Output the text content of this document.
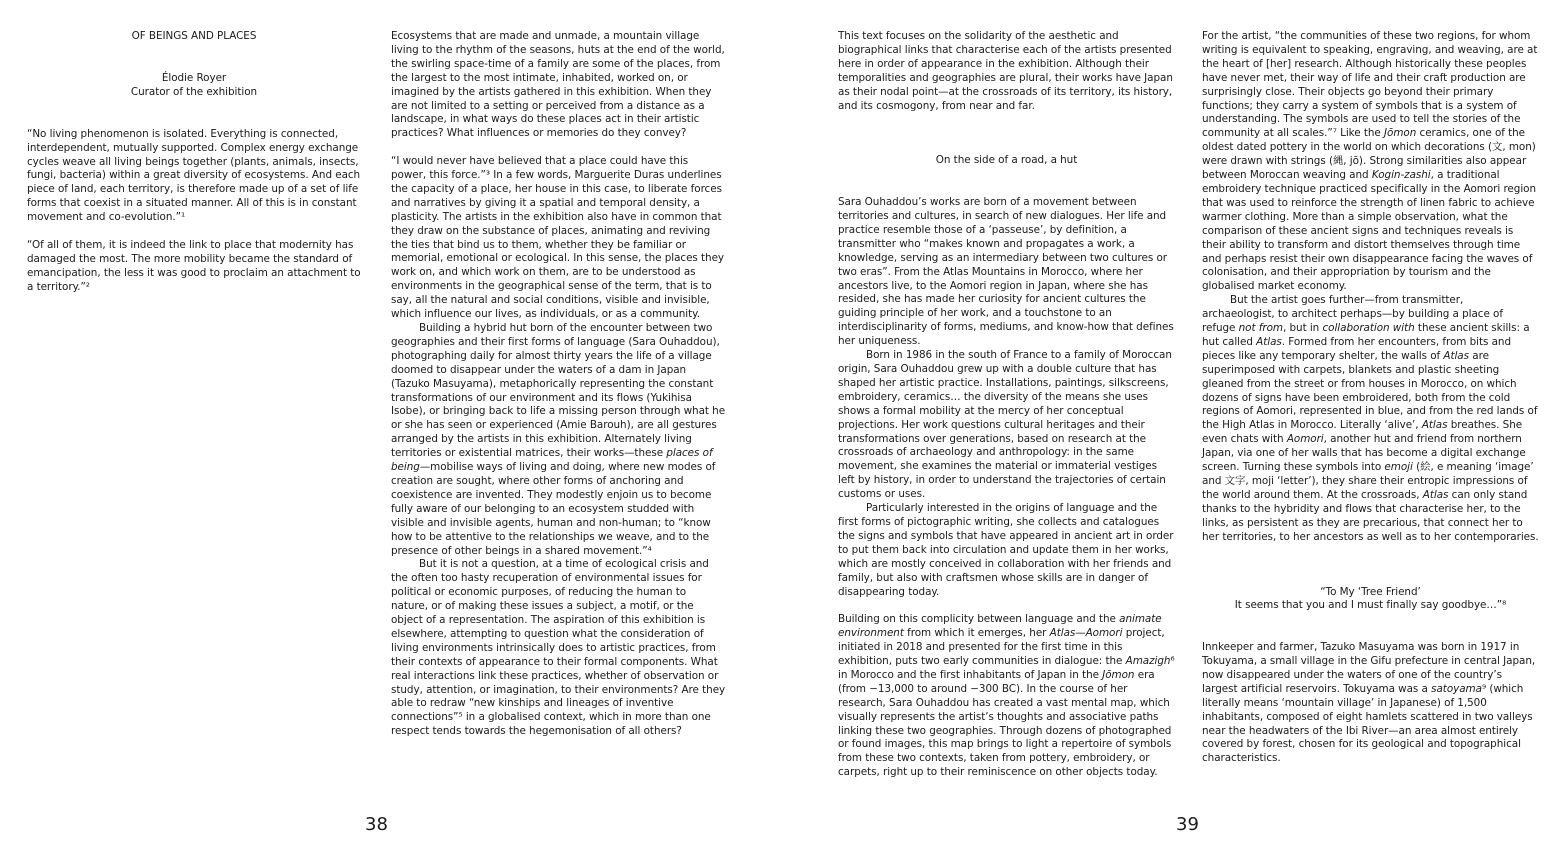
OF BEINGS AND PLACES
Élodie Royer
Curator of the exhibition

“No living phenomenon is isolated. Everything is connected, interdependent, mutually supported. Complex energy exchange cycles weave all living beings together (plants, animals, insects, fungi, bacteria) within a great diversity of ecosystems. And each piece of land, each territory, is therefore made up of a set of life forms that coexist in a situated manner. All of this is in constant movement and co-evolution.”¹

“Of all of them, it is indeed the link to place that modernity has damaged the most. The more mobility became the standard of emancipation, the less it was good to proclaim an attachment to a territory.”²

Ecosystems that are made and unmade, a mountain village living to the rhythm of the seasons, huts at the end of the world, the swirling space-time of a family are some of the places, from the largest to the most intimate, inhabited, worked on, or imagined by the artists gathered in this exhibition. When they are not limited to a setting or perceived from a distance as a landscape, in what ways do these places act in their artistic practices? What influences or memories do they convey?

“I would never have believed that a place could have this power, this force.”³ In a few words, Marguerite Duras underlines the capacity of a place, her house in this case, to liberate forces and narratives by giving it a spatial and temporal density, a plasticity. The artists in the exhibition also have in common that they draw on the substance of places, animating and reviving the ties that bind us to them, whether they be familiar or memorial, emotional or ecological. In this sense, the places they work on, and which work on them, are to be understood as environments in the geographical sense of the term, that is to say, all the natural and social conditions, visible and invisible, which influence our lives, as individuals, or as a community.

Building a hybrid hut born of the encounter between two geographies and their first forms of language (Sara Ouhaddou), photographing daily for almost thirty years the life of a village doomed to disappear under the waters of a dam in Japan (Tazuko Masuyama), metaphorically representing the constant transformations of our environment and its flows (Yukihisa Isobe), or bringing back to life a missing person through what he or she has seen or experienced (Amie Barouh), are all gestures arranged by the artists in this exhibition. Alternately living territories or existential matrices, their works—these places of being—mobilise ways of living and doing, where new modes of creation are sought, where other forms of anchoring and coexistence are invented. They modestly enjoin us to become fully aware of our belonging to an ecosystem studded with visible and invisible agents, human and non-human; to “know how to be attentive to the relationships we weave, and to the presence of other beings in a shared movement.”⁴

But it is not a question, at a time of ecological crisis and the often too hasty recuperation of environmental issues for political or economic purposes, of reducing the human to nature, or of making these issues a subject, a motif, or the object of a representation. The aspiration of this exhibition is elsewhere, attempting to question what the consideration of living environments intrinsically does to artistic practices, from their contexts of appearance to their formal components. What real interactions link these practices, whether of observation or study, attention, or imagination, to their environments? Are they able to redraw “new kinships and lineages of inventive connections”⁵ in a globalised context, which in more than one respect tends towards the hegemonisation of all others?

38

This text focuses on the solidarity of the aesthetic and biographical links that characterise each of the artists presented here in order of appearance in the exhibition. Although their temporalities and geographies are plural, their works have Japan as their nodal point—at the crossroads of its territory, its history, and its cosmogony, from near and far.

On the side of a road, a hut

Sara Ouhaddou’s works are born of a movement between territories and cultures, in search of new dialogues. Her life and practice resemble those of a ‘passeuse’, by definition, a transmitter who “makes known and propagates a work, a knowledge, serving as an intermediary between two cultures or two eras”. From the Atlas Mountains in Morocco, where her ancestors live, to the Aomori region in Japan, where she has resided, she has made her curiosity for ancient cultures the guiding principle of her work, and a touchstone to an interdisciplinarity of forms, mediums, and know-how that defines her uniqueness.

Born in 1986 in the south of France to a family of Moroccan origin, Sara Ouhaddou grew up with a double culture that has shaped her artistic practice. Installations, paintings, silkscreens, embroidery, ceramics… the diversity of the means she uses shows a formal mobility at the mercy of her conceptual projections. Her work questions cultural heritages and their transformations over generations, based on research at the crossroads of archaeology and anthropology: in the same movement, she examines the material or immaterial vestiges left by history, in order to understand the trajectories of certain customs or uses.

Particularly interested in the origins of language and the first forms of pictographic writing, she collects and catalogues the signs and symbols that have appeared in ancient art in order to put them back into circulation and update them in her works, which are mostly conceived in collaboration with her friends and family, but also with craftsmen whose skills are in danger of disappearing today.

Building on this complicity between language and the animate environment from which it emerges, her Atlas—Aomori project, initiated in 2018 and presented for the first time in this exhibition, puts two early communities in dialogue: the Amazigh⁶ in Morocco and the first inhabitants of Japan in the Jōmon era (from −13,000 to around −300 BC). In the course of her research, Sara Ouhaddou has created a vast mental map, which visually represents the artist’s thoughts and associative paths linking these two geographies. Through dozens of photographed or found images, this map brings to light a repertoire of symbols from these two contexts, taken from pottery, embroidery, or carpets, right up to their reminiscence on other objects today.

For the artist, “the communities of these two regions, for whom writing is equivalent to speaking, engraving, and weaving, are at the heart of [her] research. Although historically these peoples have never met, their way of life and their craft production are surprisingly close. Their objects go beyond their primary functions; they carry a system of symbols that is a system of understanding. The symbols are used to tell the stories of the community at all scales.”⁷ Like the Jōmon ceramics, one of the oldest dated pottery in the world on which decorations (文, mon) were drawn with strings (縄, jō). Strong similarities also appear between Moroccan weaving and Kogin-zashi, a traditional embroidery technique practiced specifically in the Aomori region that was used to reinforce the strength of linen fabric to achieve warmer clothing. More than a simple observation, what the comparison of these ancient signs and techniques reveals is their ability to transform and distort themselves through time and perhaps resist their own disappearance facing the waves of colonisation, and their appropriation by tourism and the globalised market economy.

But the artist goes further—from transmitter, archaeologist, to architect perhaps—by building a place of refuge not from, but in collaboration with these ancient skills: a hut called Atlas. Formed from her encounters, from bits and pieces like any temporary shelter, the walls of Atlas are superimposed with carpets, blankets and plastic sheeting gleaned from the street or from houses in Morocco, on which dozens of signs have been embroidered, both from the cold regions of Aomori, represented in blue, and from the red lands of the High Atlas in Morocco. Literally ‘alive’, Atlas breathes. She even chats with Aomori, another hut and friend from northern Japan, via one of her walls that has become a digital exchange screen. Turning these symbols into emoji (絵, e meaning ‘image’ and 文字, moji ‘letter’), they share their entropic impressions of the world around them. At the crossroads, Atlas can only stand thanks to the hybridity and flows that characterise her, to the links, as persistent as they are precarious, that connect her to her territories, to her ancestors as well as to her contemporaries.

“To My ‘Tree Friend’
It seems that you and I must finally say goodbye…”⁸

Innkeeper and farmer, Tazuko Masuyama was born in 1917 in Tokuyama, a small village in the Gifu prefecture in central Japan, now disappeared under the waters of one of the country’s largest artificial reservoirs. Tokuyama was a satoyama⁹ (which literally means ‘mountain village’ in Japanese) of 1,500 inhabitants, composed of eight hamlets scattered in two valleys near the headwaters of the Ibi River—an area almost entirely covered by forest, chosen for its geological and topographical characteristics.

39
